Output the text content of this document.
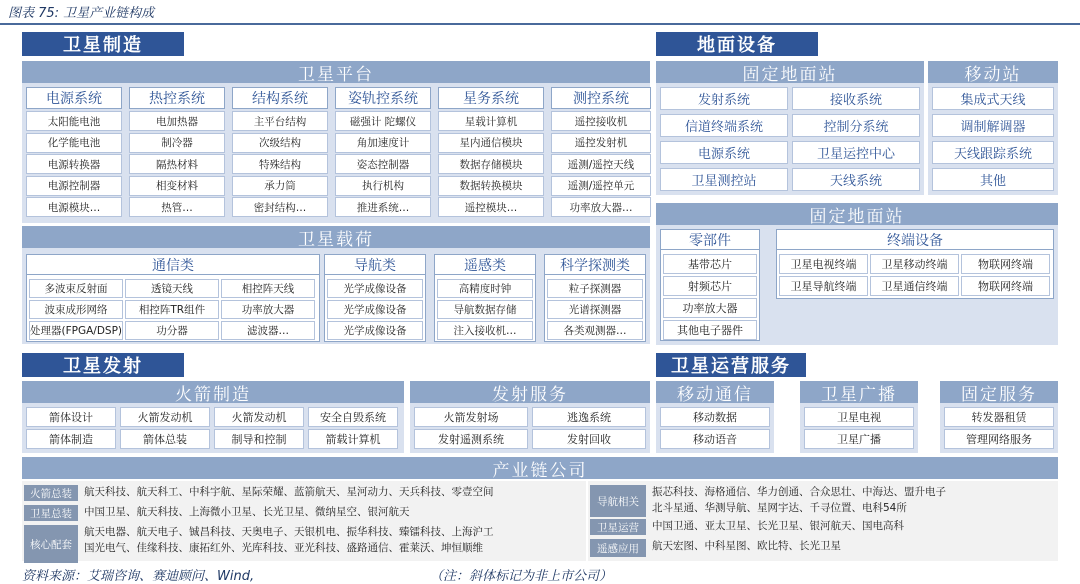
图表 75: 卫星产业链构成
卫星制造
卫星平台
电源系统
太阳能电池
化学能电池
电源转换器
电源控制器
电源模块…
热控系统
电加热器
制冷器
隔热材料
相变材料
热管…
结构系统
主平台结构
次级结构
特殊结构
承力筒
密封结构…
姿轨控系统
磁强计 陀螺仪
角加速度计
姿态控制器
执行机构
推进系统…
星务系统
星载计算机
星内通信模块
数据存储模块
数据转换模块
遥控模块…
测控系统
遥控接收机
遥控发射机
遥测/遥控天线
遥测/遥控单元
功率放大器…
卫星载荷
通信类
多波束反射面	透镜天线	相控阵天线
波束成形网络	相控阵TR组件	功率放大器
处理器(FPGA/DSP)	功分器	滤波器…
导航类
光学成像设备
光学成像设备
光学成像设备
遥感类
高精度时钟
导航数据存储
注入接收机…
科学探测类
粒子探测器
光谱探测器
各类观测器…
地面设备
固定地面站
发射系统	接收系统
信道终端系统	控制分系统
电源系统	卫星运控中心
卫星测控站	天线系统
移动站
集成式天线
调制解调器
天线跟踪系统
其他
固定地面站
零部件
基带芯片
射频芯片
功率放大器
其他电子器件
终端设备
卫星电视终端	卫星移动终端	物联网终端
卫星导航终端	卫星通信终端	物联网终端
卫星发射
火箭制造
箭体设计	火箭发动机	火箭发动机	安全自毁系统
箭体制造	箭体总装	制导和控制	箭载计算机
发射服务
火箭发射场	逃逸系统
发射遥测系统	发射回收
卫星运营服务
移动通信
移动数据
移动语音
卫星广播
卫星电视
卫星广播
固定服务
转发器租赁
管理网络服务
产业链公司
火箭总装	航天科技、航天科工、中科宇航、星际荣耀、蓝箭航天、星河动力、天兵科技、零壹空间
卫星总装	中国卫星、航天科技、上海微小卫星、长光卫星、微纳星空、银河航天
核心配套
航天电器、航天电子、铖昌科技、天奥电子、天银机电、振华科技、臻镭科技、上海沪工
国光电气、佳缘科技、康拓红外、光库科技、亚光科技、盛路通信、霍莱沃、坤恒顺维
导航相关
振芯科技、海格通信、华力创通、合众思壮、中海达、盟升电子
北斗星通、华测导航、星网宇达、千寻位置、电科54所
卫星运营	中国卫通、亚太卫星、长光卫星、银河航天、国电高科
遥感应用	航天宏图、中科星图、欧比特、长光卫星
资料来源：艾瑞咨询、赛迪顾问、Wind,	（注：斜体标记为非上市公司）
